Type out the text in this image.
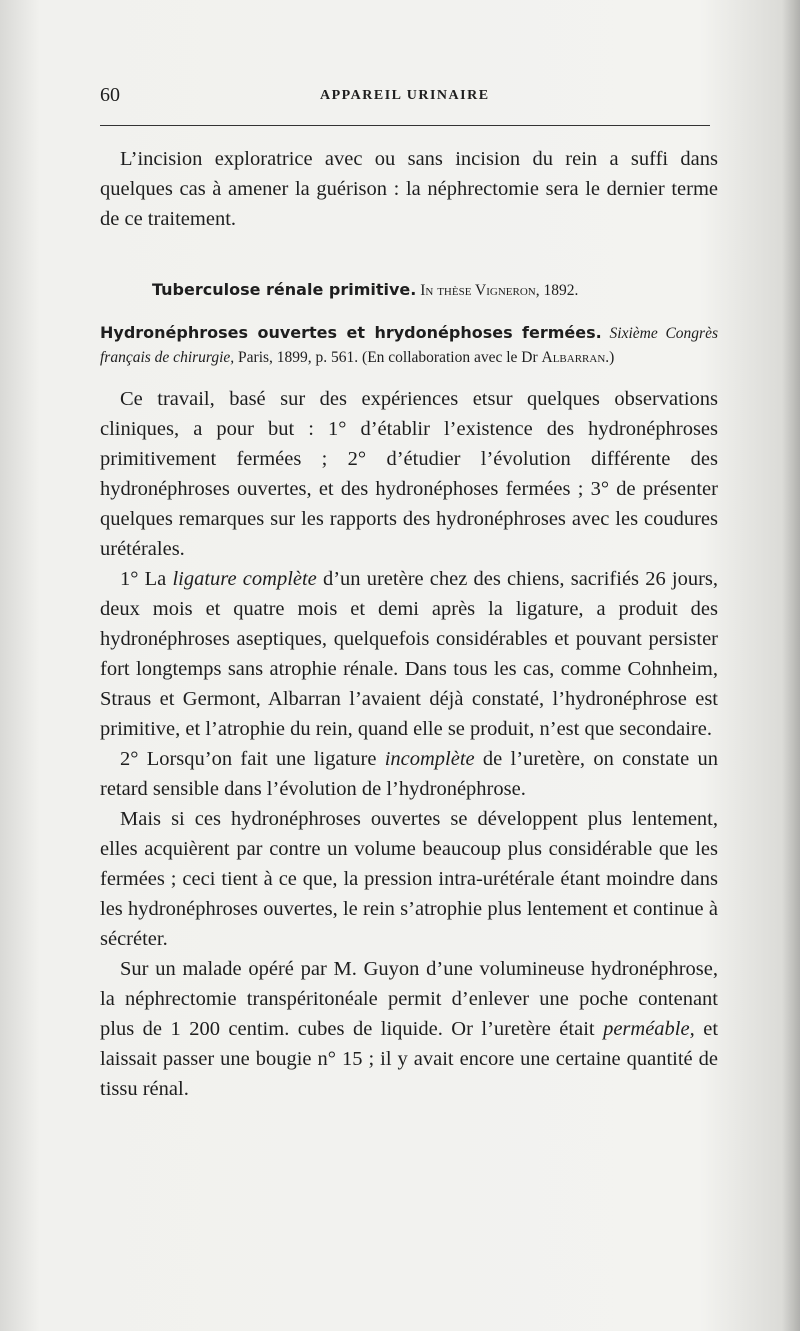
60	APPAREIL URINAIRE

L’incision exploratrice avec ou sans incision du rein a suffi dans quelques cas à amener la guérison : la néphrectomie sera le dernier terme de ce traitement.

Tuberculose rénale primitive. In thèse Vigneron, 1892.

Hydronéphroses ouvertes et hrydonéphoses fermées. Sixième Congrès français de chirurgie, Paris, 1899, p. 561. (En collaboration avec le Dr Albarran.)

Ce travail, basé sur des expériences etsur quelques observations cliniques, a pour but : 1° d’établir l’existence des hydronéphroses primitivement fermées ; 2° d’étudier l’évolution différente des hydronéphroses ouvertes, et des hydronéphoses fermées ; 3° de présenter quelques remarques sur les rapports des hydronéphroses avec les coudures urétérales.

1° La ligature complète d’un uretère chez des chiens, sacrifiés 26 jours, deux mois et quatre mois et demi après la ligature, a produit des hydronéphroses aseptiques, quelquefois considérables et pouvant persister fort longtemps sans atrophie rénale. Dans tous les cas, comme Cohnheim, Straus et Germont, Albarran l’avaient déjà constaté, l’hydronéphrose est primitive, et l’atrophie du rein, quand elle se produit, n’est que secondaire.

2° Lorsqu’on fait une ligature incomplète de l’uretère, on constate un retard sensible dans l’évolution de l’hydronéphrose.

Mais si ces hydronéphroses ouvertes se développent plus lentement, elles acquièrent par contre un volume beaucoup plus considérable que les fermées ; ceci tient à ce que, la pression intra-urétérale étant moindre dans les hydronéphroses ouvertes, le rein s’atrophie plus lentement et continue à sécréter.

Sur un malade opéré par M. Guyon d’une volumineuse hydronéphrose, la néphrectomie transpéritonéale permit d’enlever une poche contenant plus de 1 200 centim. cubes de liquide. Or l’uretère était perméable, et laissait passer une bougie n° 15 ; il y avait encore une certaine quantité de tissu rénal.
